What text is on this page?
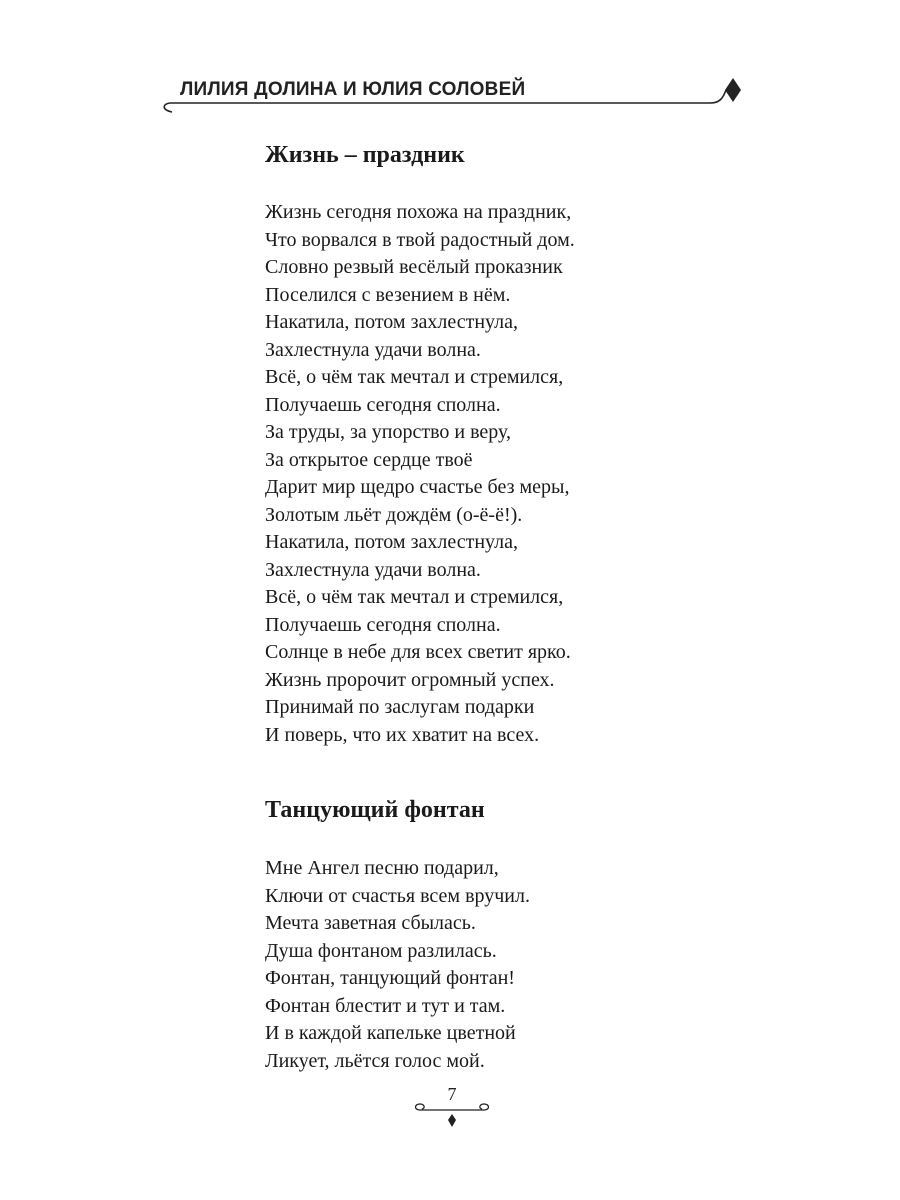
ЛИЛИЯ ДОЛИНА И ЮЛИЯ СОЛОВЕЙ
Жизнь – праздник
Жизнь сегодня похожа на праздник,
Что ворвался в твой радостный дом.
Словно резвый весёлый проказник
Поселился с везением в нём.
Накатила, потом захлестнула,
Захлестнула удачи волна.
Всё, о чём так мечтал и стремился,
Получаешь сегодня сполна.
За труды, за упорство и веру,
За открытое сердце твоё
Дарит мир щедро счастье без меры,
Золотым льёт дождём (о-ё-ё!).
Накатила, потом захлестнула,
Захлестнула удачи волна.
Всё, о чём так мечтал и стремился,
Получаешь сегодня сполна.
Солнце в небе для всех светит ярко.
Жизнь пророчит огромный успех.
Принимай по заслугам подарки
И поверь, что их хватит на всех.
Танцующий фонтан
Мне Ангел песню подарил,
Ключи от счастья всем вручил.
Мечта заветная сбылась.
Душа фонтаном разлилась.
Фонтан, танцующий фонтан!
Фонтан блестит и тут и там.
И в каждой капельке цветной
Ликует, льётся голос мой.
7
